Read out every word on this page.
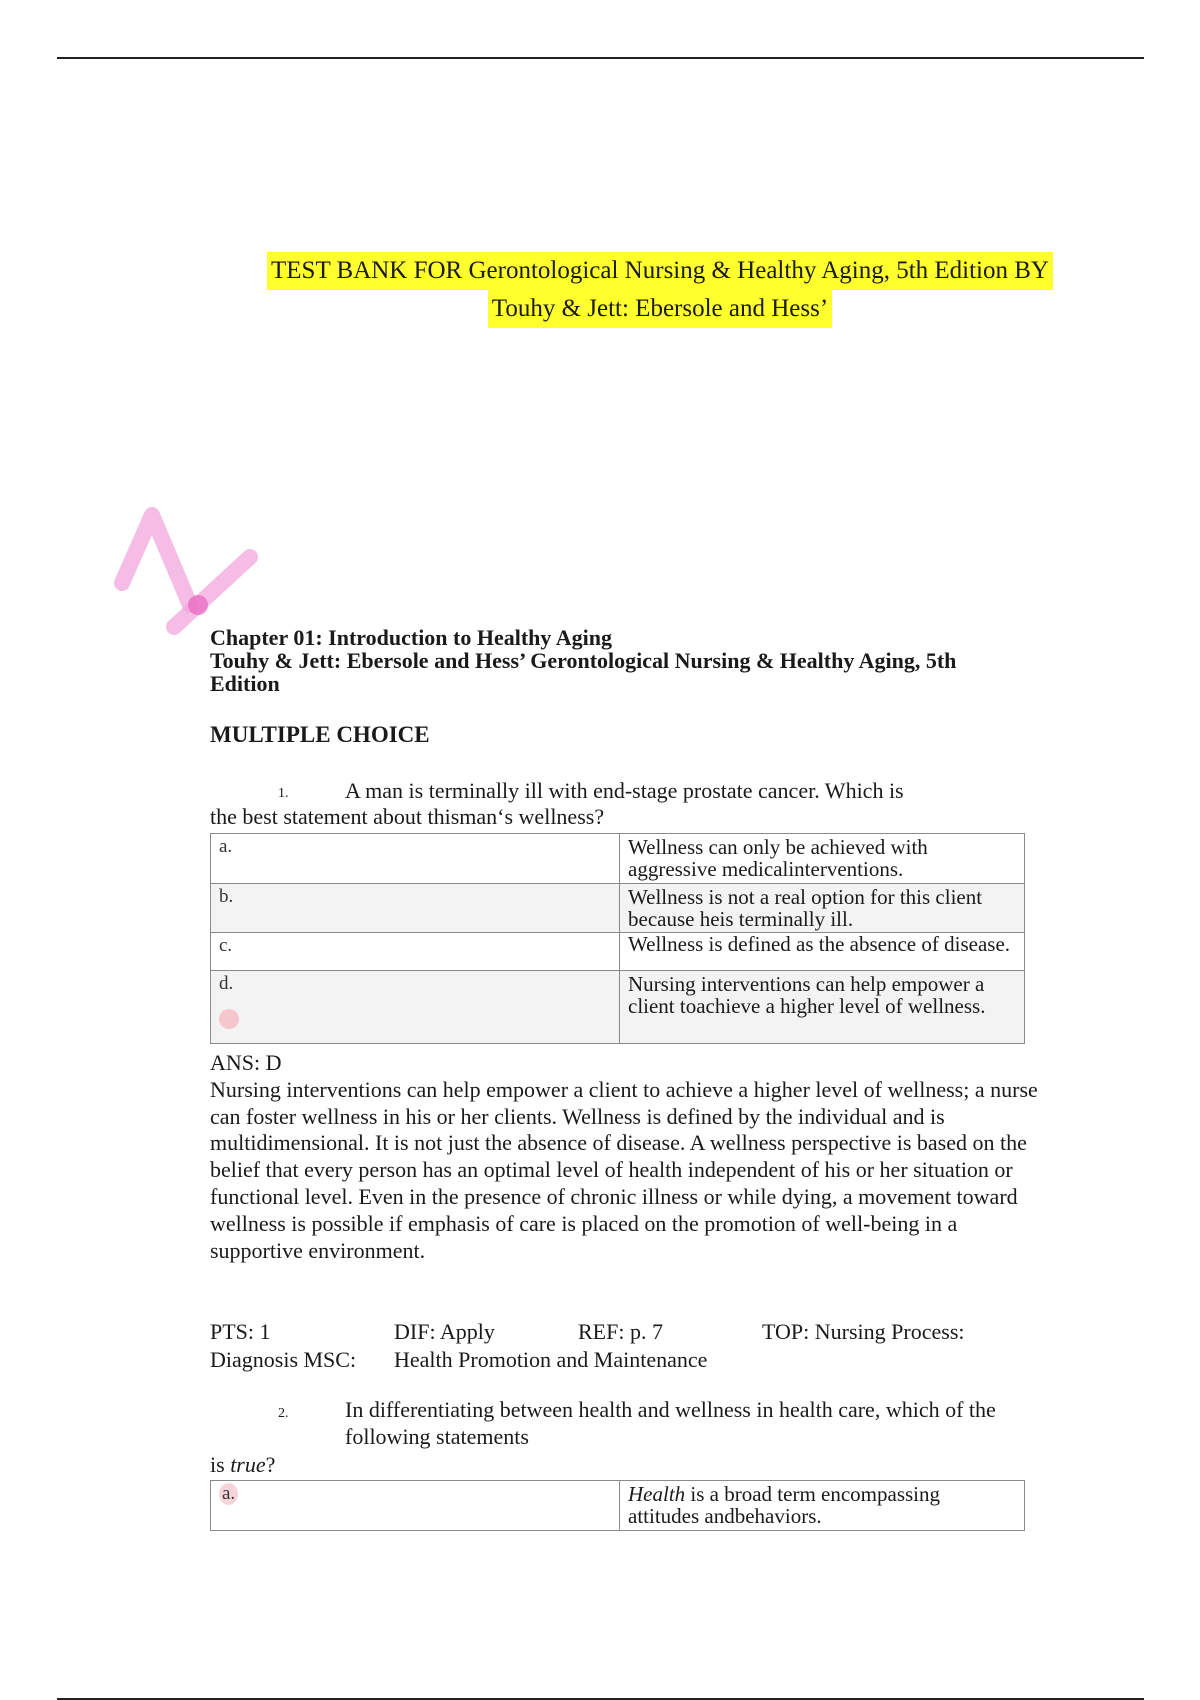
TEST BANK FOR Gerontological Nursing & Healthy Aging, 5th Edition BY
Touhy & Jett: Ebersole and Hess’
Chapter 01: Introduction to Healthy Aging
Touhy & Jett: Ebersole and Hess’ Gerontological Nursing & Healthy Aging, 5th
Edition
MULTIPLE CHOICE
1.	A man is terminally ill with end-stage prostate cancer. Which is
the best statement about thisman‘s wellness?
a.	Wellness can only be achieved with aggressive medicalinterventions.
b.	Wellness is not a real option for this client because heis terminally ill.
c.	Wellness is defined as the absence of disease.

d.	Nursing interventions can help empower a client toachieve a higher level of wellness.
ANS: D
Nursing interventions can help empower a client to achieve a higher level of wellness; a nurse can foster wellness in his or her clients. Wellness is defined by the individual and is multidimensional. It is not just the absence of disease. A wellness perspective is based on the belief that every person has an optimal level of health independent of his or her situation or functional level. Even in the presence of chronic illness or while dying, a movement toward wellness is possible if emphasis of care is placed on the promotion of well-being in a supportive environment.
PTS: 1	DIF: Apply	REF: p. 7	TOP: Nursing Process:
Diagnosis MSC: Health Promotion and Maintenance
2.	In differentiating between health and wellness in health care, which of the
following statements
is true?
a.	Health is a broad term encompassing attitudes andbehaviors.
